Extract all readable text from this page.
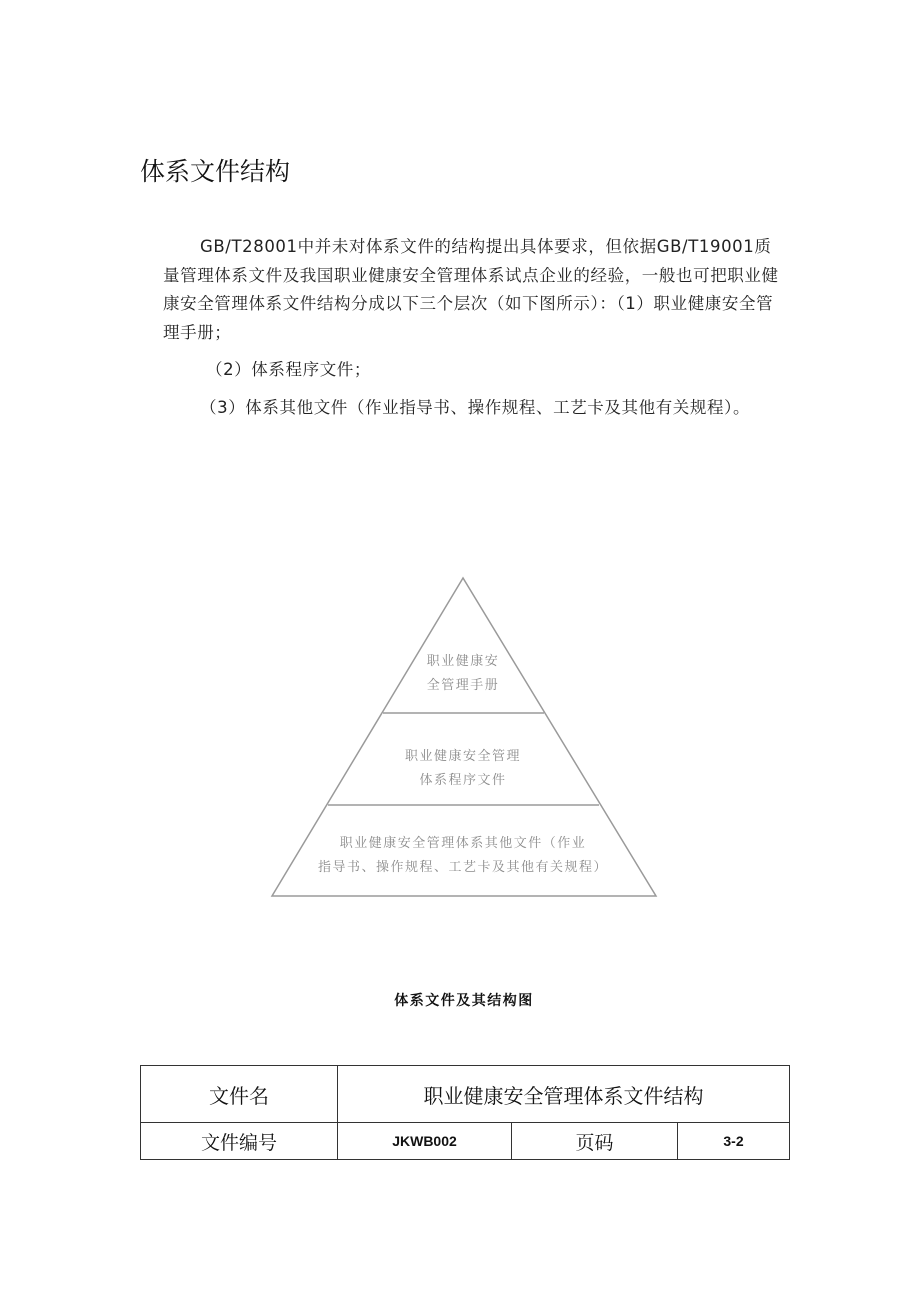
体系文件结构
GB/T28001中并未对体系文件的结构提出具体要求，但依据GB/T19001质量管理体系文件及我国职业健康安全管理体系试点企业的经验，一般也可把职业健康安全管理体系文件结构分成以下三个层次（如下图所示）：（1）职业健康安全管理手册；
（2）体系程序文件；
（3）体系其他文件（作业指导书、操作规程、工艺卡及其他有关规程）。
职业健康安
全管理手册
职业健康安全管理
体系程序文件
职业健康安全管理体系其他文件（作业
指导书、操作规程、工艺卡及其他有关规程）
体系文件及其结构图
文件名	职业健康安全管理体系文件结构		
文件编号	JKWB002	页码	3-2
